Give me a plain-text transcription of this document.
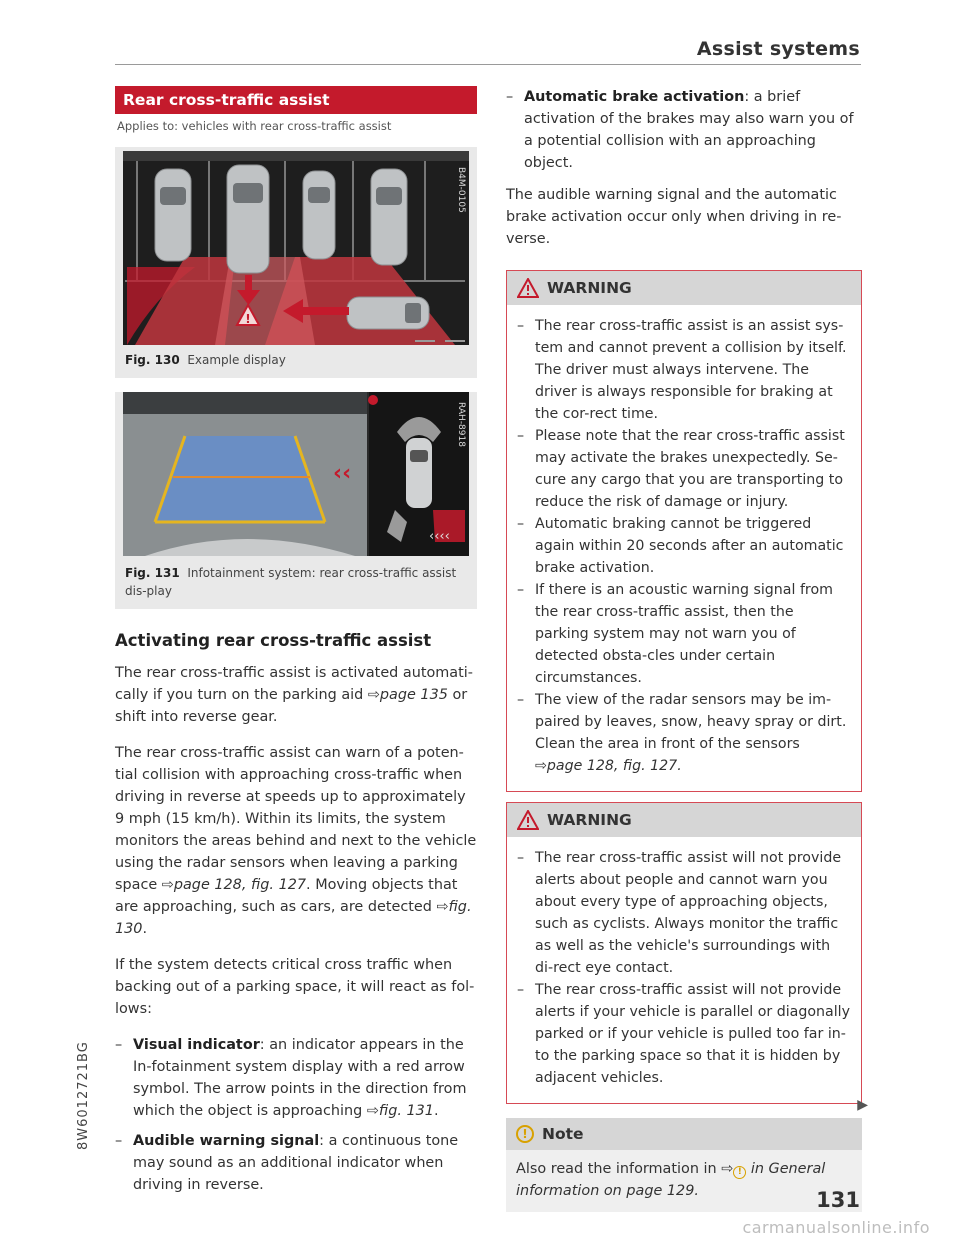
Assist systems
8W6012721BG
Rear cross-traffic assist
Applies to: vehicles with rear cross-traffic assist
!
B4M-0105
Fig. 130 Example display
‹‹
‹‹‹‹
RAH-8918
Fig. 131 Infotainment system: rear cross-traffic assist dis-play
Activating rear cross-traffic assist

The rear cross-traffic assist is activated automati-cally if you turn on the parking aid ⇨page 135 or shift into reverse gear.

The rear cross-traffic assist can warn of a poten-tial collision with approaching cross-traffic when driving in reverse at speeds up to approximately 9 mph (15 km/h). Within its limits, the system monitors the areas behind and next to the vehicle using the radar sensors when leaving a parking space ⇨page 128, fig. 127. Moving objects that are approaching, such as cars, are detected ⇨fig. 130.

If the system detects critical cross traffic when backing out of a parking space, it will react as fol-lows:

– Visual indicator: an indicator appears in the In-fotainment system display with a red arrow symbol. The arrow points in the direction from which the object is approaching ⇨fig. 131.
– Audible warning signal: a continuous tone may sound as an additional indicator when driving in reverse.
– Automatic brake activation: a brief activation of the brakes may also warn you of a potential collision with an approaching object.

The audible warning signal and the automatic brake activation occur only when driving in re-verse.

WARNING
– The rear cross-traffic assist is an assist sys-tem and cannot prevent a collision by itself. The driver must always intervene. The driver is always responsible for braking at the cor-rect time.
– Please note that the rear cross-traffic assist may activate the brakes unexpectedly. Se-cure any cargo that you are transporting to reduce the risk of damage or injury.
– Automatic braking cannot be triggered again within 20 seconds after an automatic brake activation.
– If there is an acoustic warning signal from the rear cross-traffic assist, then the parking system may not warn you of detected obsta-cles under certain circumstances.
– The view of the radar sensors may be im-paired by leaves, snow, heavy spray or dirt. Clean the area in front of the sensors ⇨page 128, fig. 127.
WARNING
– The rear cross-traffic assist will not provide alerts about people and cannot warn you about every type of approaching objects, such as cyclists. Always monitor the traffic as well as the vehicle's surroundings with di-rect eye contact.
– The rear cross-traffic assist will not provide alerts if your vehicle is parallel or diagonally parked or if your vehicle is pulled too far in-to the parking space so that it is hidden by adjacent vehicles.
! Note
Also read the information in ⇨ ! in General information on page 129.
▶
131
carmanualsonline.info
